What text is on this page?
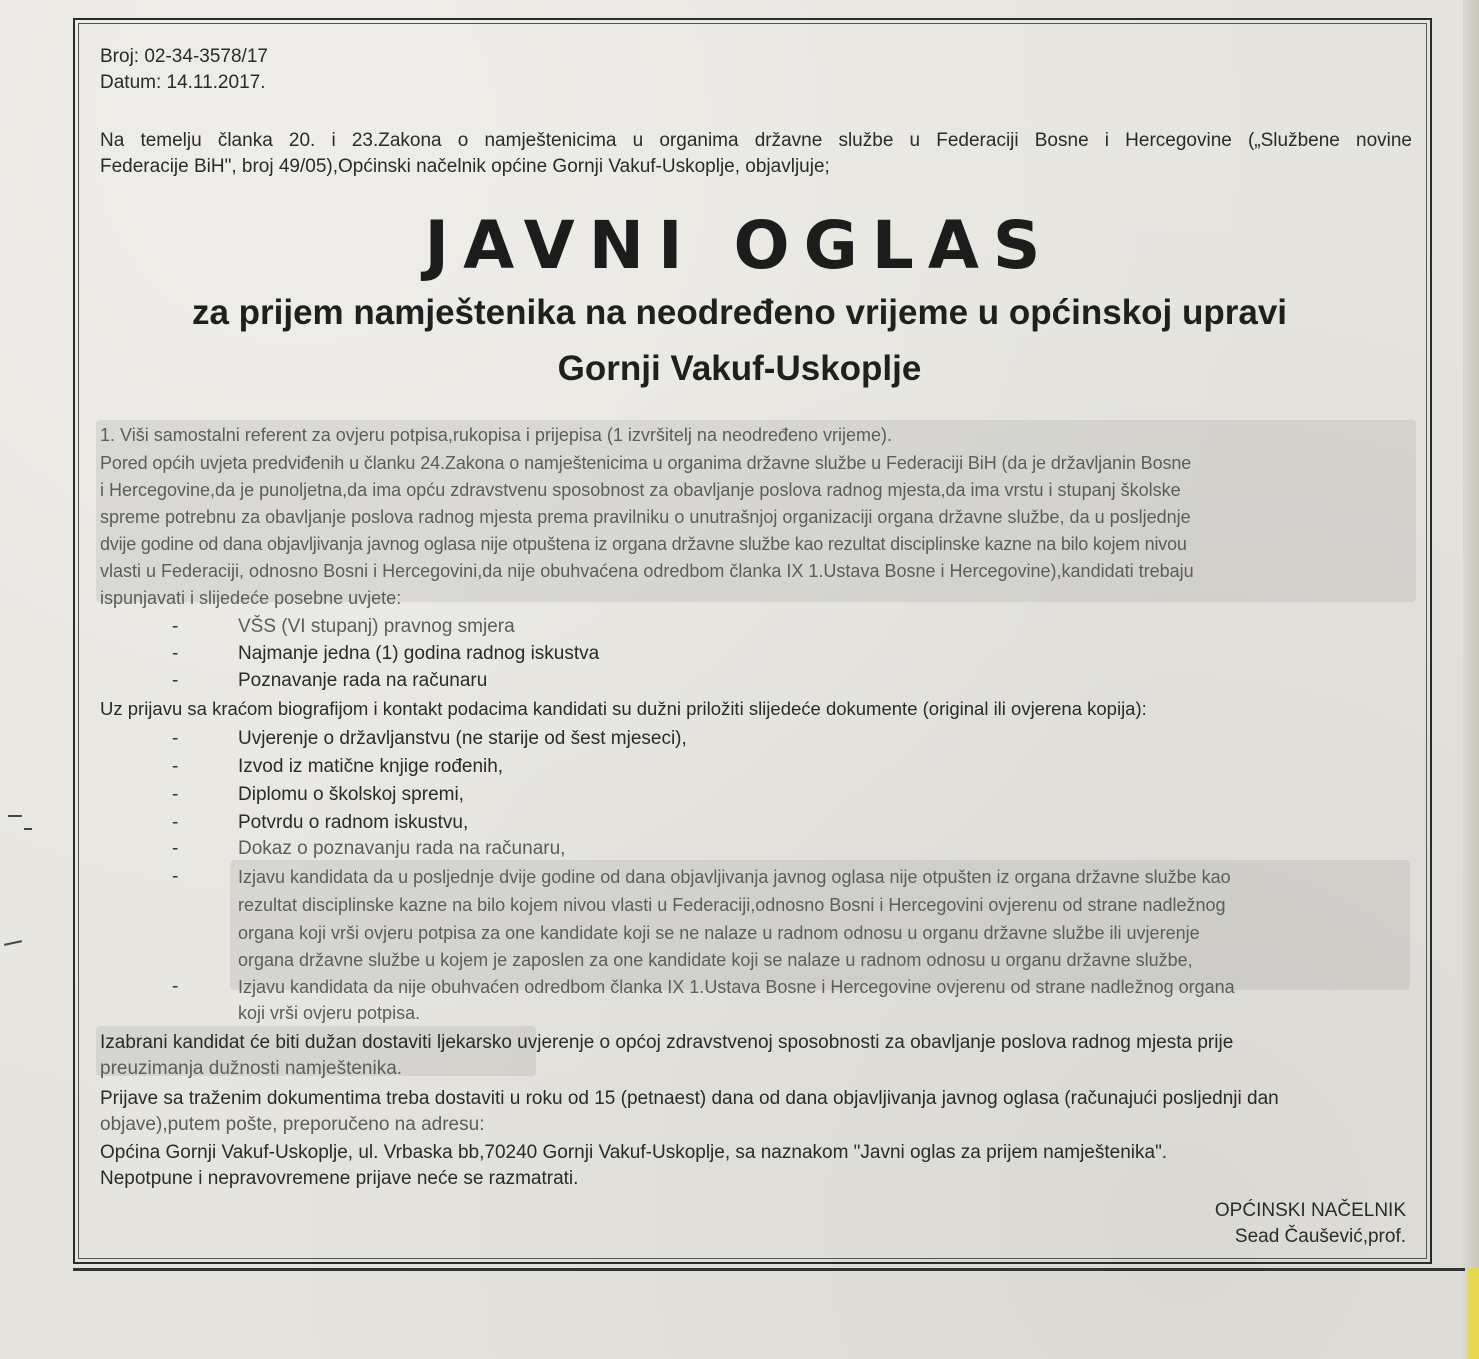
Broj: 02-34-3578/17
Datum: 14.11.2017.
Na temelju članka 20. i 23.Zakona o namještenicima u organima državne službe u Federaciji Bosne i Hercegovine („Službene novine
Federacije BiH", broj 49/05),Općinski načelnik općine Gornji Vakuf-Uskoplje, objavljuje;
JAVNI OGLAS
za prijem namještenika na neodređeno vrijeme u općinskoj upravi
Gornji Vakuf-Uskoplje
1. Viši samostalni referent za ovjeru potpisa,rukopisa i prijepisa (1 izvršitelj na neodređeno vrijeme).
Pored općih uvjeta predviđenih u članku 24.Zakona o namještenicima u organima državne službe u Federaciji BiH (da je državljanin Bosne
i Hercegovine,da je punoljetna,da ima opću zdravstvenu sposobnost za obavljanje poslova radnog mjesta,da ima vrstu i stupanj školske
spreme potrebnu za obavljanje poslova radnog mjesta prema pravilniku o unutrašnjoj organizaciji organa državne službe, da u posljednje
dvije godine od dana objavljivanja javnog oglasa nije otpuštena iz organa državne službe kao rezultat disciplinske kazne na bilo kojem nivou
vlasti u Federaciji, odnosno Bosni i Hercegovini,da nije obuhvaćena odredbom članka IX 1.Ustava Bosne i Hercegovine),kandidati trebaju
ispunjavati i slijedeće posebne uvjete:
-	VŠS (VI stupanj) pravnog smjera
-	Najmanje jedna (1) godina radnog iskustva
-	Poznavanje rada na računaru
Uz prijavu sa kraćom biografijom i kontakt podacima kandidati su dužni priložiti slijedeće dokumente (original ili ovjerena kopija):
-	Uvjerenje o državljanstvu (ne starije od šest mjeseci),
-	Izvod iz matične knjige rođenih,
-	Diplomu o školskoj spremi,
-	Potvrdu o radnom iskustvu,
-	Dokaz o poznavanju rada na računaru,
-	Izjavu kandidata da u posljednje dvije godine od dana objavljivanja javnog oglasa nije otpušten iz organa državne službe kao
rezultat disciplinske kazne na bilo kojem nivou vlasti u Federaciji,odnosno Bosni i Hercegovini ovjerenu od strane nadležnog
organa koji vrši ovjeru potpisa za one kandidate koji se ne nalaze u radnom odnosu u organu državne službe ili uvjerenje
organa državne službe u kojem je zaposlen za one kandidate koji se nalaze u radnom odnosu u organu državne službe,
-	Izjavu kandidata da nije obuhvaćen odredbom članka IX 1.Ustava Bosne i Hercegovine ovjerenu od strane nadležnog organa
koji vrši ovjeru potpisa.
Izabrani kandidat će biti dužan dostaviti ljekarsko uvjerenje o općoj zdravstvenoj sposobnosti za obavljanje poslova radnog mjesta prije
preuzimanja dužnosti namještenika.
Prijave sa traženim dokumentima treba dostaviti u roku od 15 (petnaest) dana od dana objavljivanja javnog oglasa (računajući posljednji dan
objave),putem pošte, preporučeno na adresu:
Općina Gornji Vakuf-Uskoplje, ul. Vrbaska bb,70240 Gornji Vakuf-Uskoplje, sa naznakom "Javni oglas za prijem namještenika".
Nepotpune i nepravovremene prijave neće se razmatrati.
OPĆINSKI NAČELNIK
Sead Čaušević,prof.
